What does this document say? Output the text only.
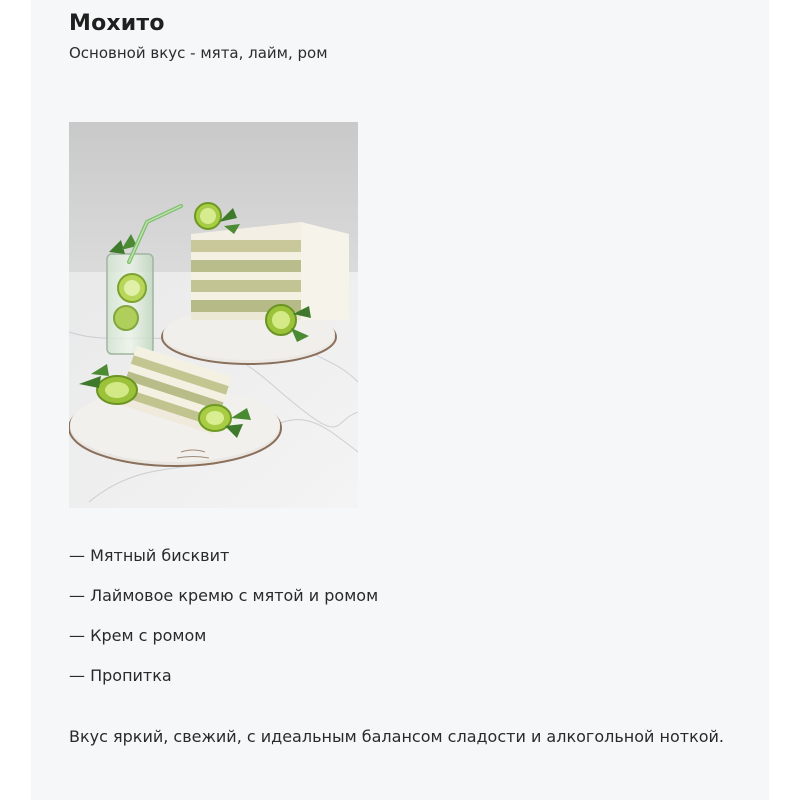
Мохито
Основной вкус - мята, лайм, ром
— Мятный бисквит
— Лаймовое кремю с мятой и ромом
— Крем с ромом
— Пропитка
Вкус яркий, свежий, с идеальным балансом сладости и алкогольной ноткой.
